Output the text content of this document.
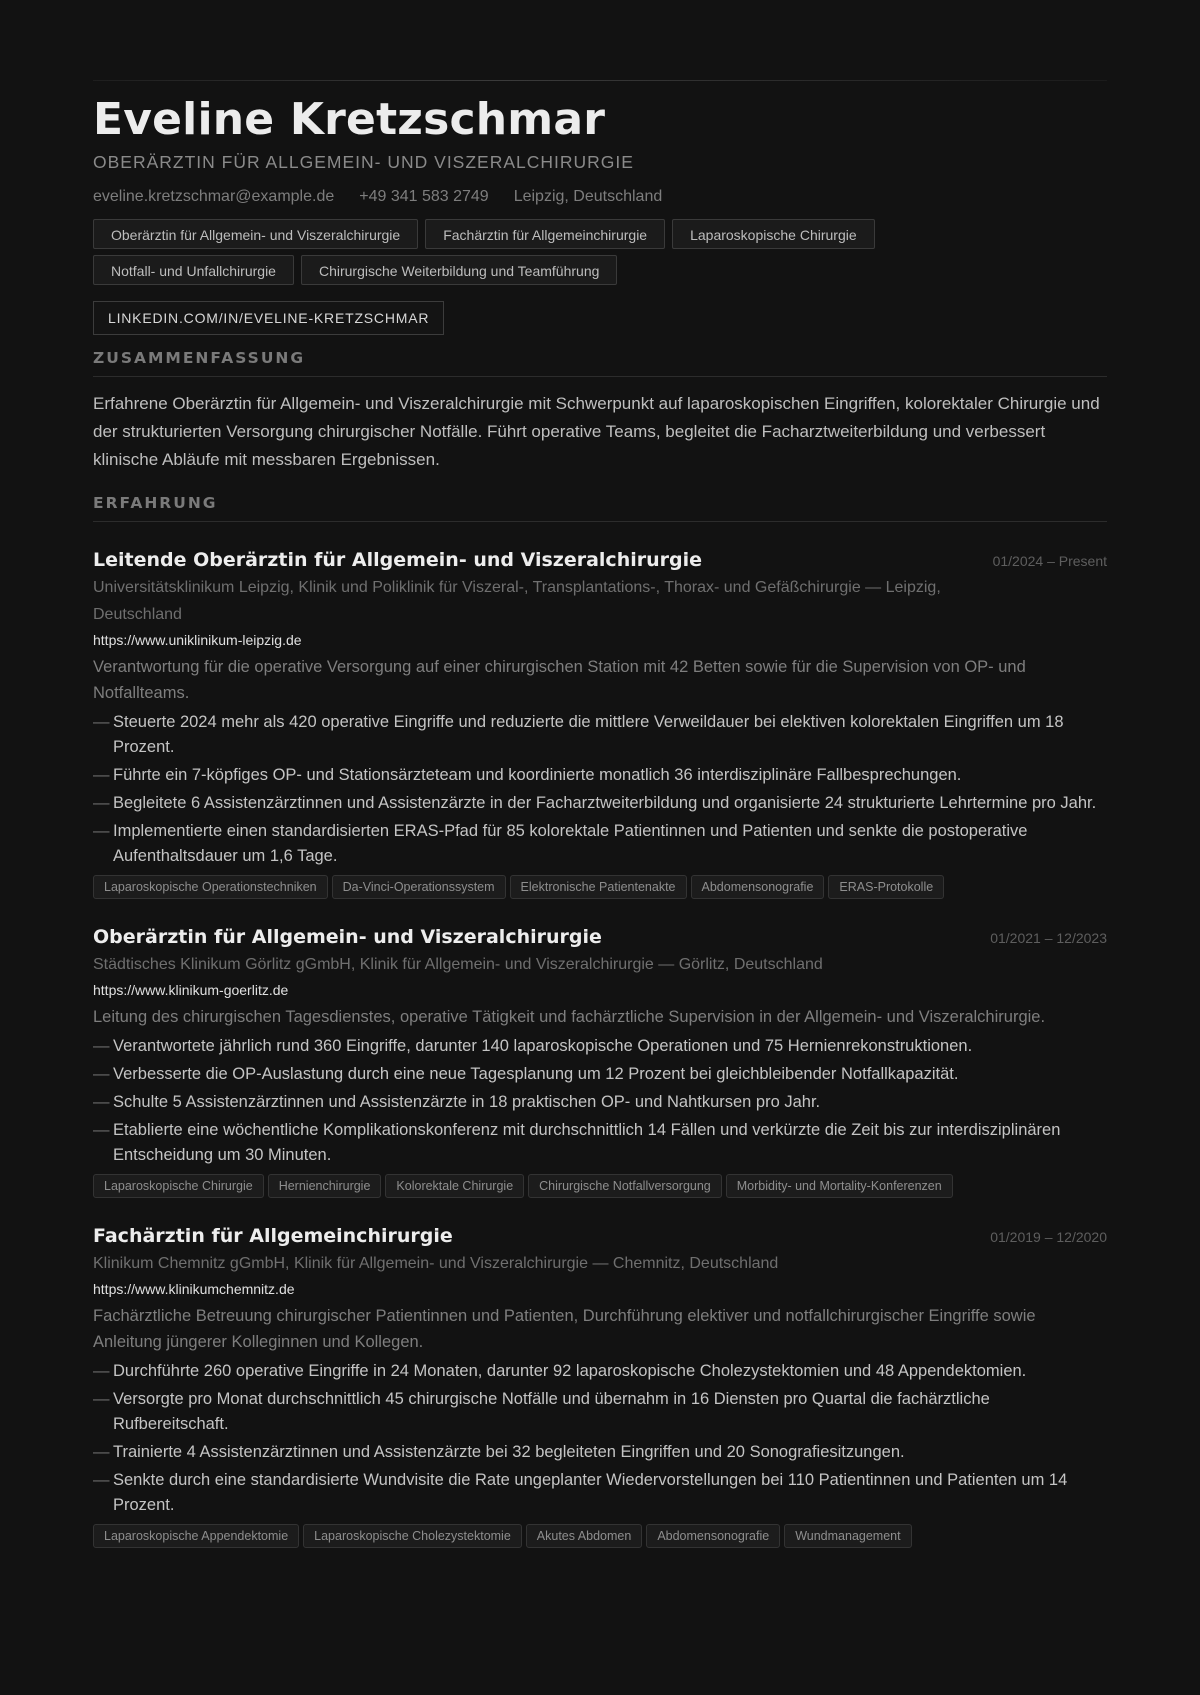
Eveline Kretzschmar
OBERÄRZTIN FÜR ALLGEMEIN- UND VISZERALCHIRURGIE
eveline.kretzschmar@example.de +49 341 583 2749 Leipzig, Deutschland
Oberärztin für Allgemein- und Viszeralchirurgie	Fachärztin für Allgemeinchirurgie	Laparoskopische Chirurgie
Notfall- und Unfallchirurgie	Chirurgische Weiterbildung und Teamführung
LINKEDIN.COM/IN/EVELINE-KRETZSCHMAR
ZUSAMMENFASSUNG
Erfahrene Oberärztin für Allgemein- und Viszeralchirurgie mit Schwerpunkt auf laparoskopischen Eingriffen, kolorektaler Chirurgie und der strukturierten Versorgung chirurgischer Notfälle. Führt operative Teams, begleitet die Facharztweiterbildung und verbessert klinische Abläufe mit messbaren Ergebnissen.
ERFAHRUNG
Leitende Oberärztin für Allgemein- und Viszeralchirurgie	01/2024 – Present
Universitätsklinikum Leipzig, Klinik und Poliklinik für Viszeral-, Transplantations-, Thorax- und Gefäßchirurgie — Leipzig, Deutschland
https://www.uniklinikum-leipzig.de
Verantwortung für die operative Versorgung auf einer chirurgischen Station mit 42 Betten sowie für die Supervision von OP- und Notfallteams.
— Steuerte 2024 mehr als 420 operative Eingriffe und reduzierte die mittlere Verweildauer bei elektiven kolorektalen Eingriffen um 18 Prozent.
— Führte ein 7-köpfiges OP- und Stationsärzteteam und koordinierte monatlich 36 interdisziplinäre Fallbesprechungen.
— Begleitete 6 Assistenzärztinnen und Assistenzärzte in der Facharztweiterbildung und organisierte 24 strukturierte Lehrtermine pro Jahr.
— Implementierte einen standardisierten ERAS-Pfad für 85 kolorektale Patientinnen und Patienten und senkte die postoperative Aufenthaltsdauer um 1,6 Tage.
Laparoskopische Operationstechniken	Da-Vinci-Operationssystem	Elektronische Patientenakte	Abdomensonografie	ERAS-Protokolle
Oberärztin für Allgemein- und Viszeralchirurgie	01/2021 – 12/2023
Städtisches Klinikum Görlitz gGmbH, Klinik für Allgemein- und Viszeralchirurgie — Görlitz, Deutschland
https://www.klinikum-goerlitz.de
Leitung des chirurgischen Tagesdienstes, operative Tätigkeit und fachärztliche Supervision in der Allgemein- und Viszeralchirurgie.
— Verantwortete jährlich rund 360 Eingriffe, darunter 140 laparoskopische Operationen und 75 Hernienrekonstruktionen.
— Verbesserte die OP-Auslastung durch eine neue Tagesplanung um 12 Prozent bei gleichbleibender Notfallkapazität.
— Schulte 5 Assistenzärztinnen und Assistenzärzte in 18 praktischen OP- und Nahtkursen pro Jahr.
— Etablierte eine wöchentliche Komplikationskonferenz mit durchschnittlich 14 Fällen und verkürzte die Zeit bis zur interdisziplinären Entscheidung um 30 Minuten.
Laparoskopische Chirurgie	Hernienchirurgie	Kolorektale Chirurgie	Chirurgische Notfallversorgung	Morbidity- und Mortality-Konferenzen
Fachärztin für Allgemeinchirurgie	01/2019 – 12/2020
Klinikum Chemnitz gGmbH, Klinik für Allgemein- und Viszeralchirurgie — Chemnitz, Deutschland
https://www.klinikumchemnitz.de
Fachärztliche Betreuung chirurgischer Patientinnen und Patienten, Durchführung elektiver und notfallchirurgischer Eingriffe sowie Anleitung jüngerer Kolleginnen und Kollegen.
— Durchführte 260 operative Eingriffe in 24 Monaten, darunter 92 laparoskopische Cholezystektomien und 48 Appendektomien.
— Versorgte pro Monat durchschnittlich 45 chirurgische Notfälle und übernahm in 16 Diensten pro Quartal die fachärztliche Rufbereitschaft.
— Trainierte 4 Assistenzärztinnen und Assistenzärzte bei 32 begleiteten Eingriffen und 20 Sonografiesitzungen.
— Senkte durch eine standardisierte Wundvisite die Rate ungeplanter Wiedervorstellungen bei 110 Patientinnen und Patienten um 14 Prozent.
Laparoskopische Appendektomie	Laparoskopische Cholezystektomie	Akutes Abdomen	Abdomensonografie	Wundmanagement
